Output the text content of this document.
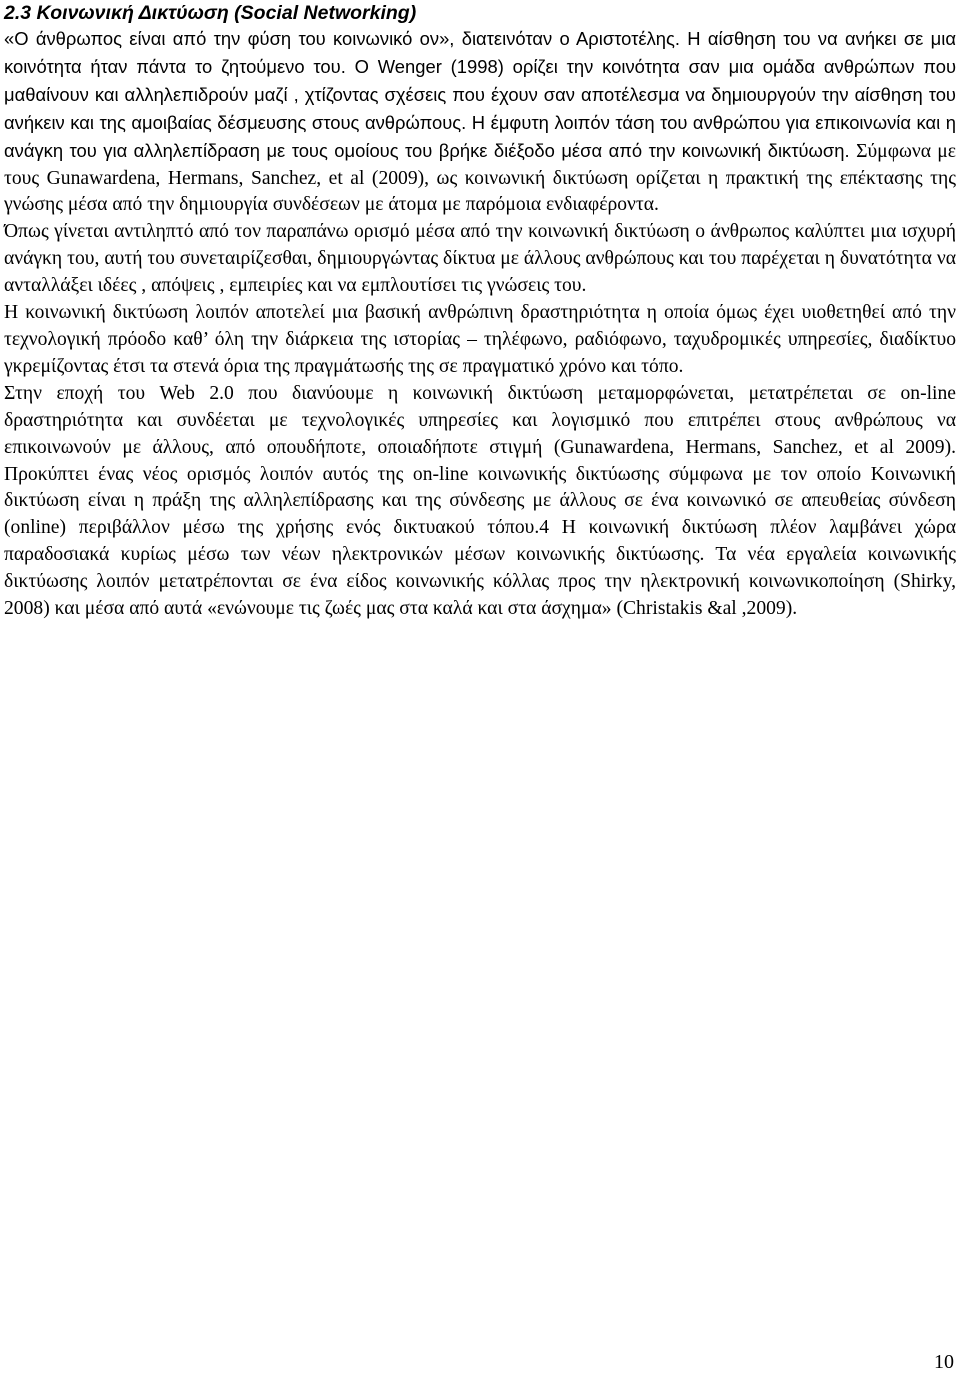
2.3 Κοινωνική Δικτύωση (Social Networking)

«Ο άνθρωπος είναι από την φύση του κοινωνικό ον», διατεινόταν ο Αριστοτέλης. Η αίσθηση του να ανήκει σε μια κοινότητα ήταν πάντα το ζητούμενο του. Ο Wenger (1998) ορίζει την κοινότητα σαν μια ομάδα ανθρώπων που μαθαίνουν και αλληλεπιδρούν μαζί , χτίζοντας σχέσεις που έχουν σαν αποτέλεσμα να δημιουργούν την αίσθηση του ανήκειν και της αμοιβαίας δέσμευσης στους ανθρώπους. Η έμφυτη λοιπόν τάση του ανθρώπου για επικοινωνία και η ανάγκη του για αλληλεπίδραση με τους ομοίους του βρήκε διέξοδο μέσα από την κοινωνική δικτύωση. Σύμφωνα με τους Gunawardena, Hermans, Sanchez, et al (2009), ως κοινωνική δικτύωση ορίζεται η πρακτική της επέκτασης της γνώσης μέσα από την δημιουργία συνδέσεων με άτομα με παρόμοια ενδιαφέροντα.

Όπως γίνεται αντιληπτό από τον παραπάνω ορισμό μέσα από την κοινωνική δικτύωση ο άνθρωπος καλύπτει μια ισχυρή ανάγκη του, αυτή του συνεταιρίζεσθαι, δημιουργώντας δίκτυα με άλλους ανθρώπους και του παρέχεται η δυνατότητα να ανταλλάξει ιδέες , απόψεις , εμπειρίες και να εμπλουτίσει τις γνώσεις του.

Η κοινωνική δικτύωση λοιπόν αποτελεί μια βασική ανθρώπινη δραστηριότητα η οποία όμως έχει υιοθετηθεί από την τεχνολογική πρόοδο καθ’ όλη την διάρκεια της ιστορίας – τηλέφωνο, ραδιόφωνο, ταχυδρομικές υπηρεσίες, διαδίκτυο γκρεμίζοντας έτσι τα στενά όρια της πραγμάτωσής της σε πραγματικό χρόνο και τόπο.

Στην εποχή του Web 2.0 που διανύουμε η κοινωνική δικτύωση μεταμορφώνεται, μετατρέπεται σε on-line δραστηριότητα και συνδέεται με τεχνολογικές υπηρεσίες και λογισμικό που επιτρέπει στους ανθρώπους να επικοινωνούν με άλλους, από οπουδήποτε, οποιαδήποτε στιγμή (Gunawardena, Hermans, Sanchez, et al 2009). Προκύπτει ένας νέος ορισμός λοιπόν αυτός της on-line κοινωνικής δικτύωσης σύμφωνα με τον οποίο Κοινωνική δικτύωση είναι η πράξη της αλληλεπίδρασης και της σύνδεσης με άλλους σε ένα κοινωνικό σε απευθείας σύνδεση (online) περιβάλλον μέσω της χρήσης ενός δικτυακού τόπου.4 Η κοινωνική δικτύωση πλέον λαμβάνει χώρα παραδοσιακά κυρίως μέσω των νέων ηλεκτρονικών μέσων κοινωνικής δικτύωσης. Τα νέα εργαλεία κοινωνικής δικτύωσης λοιπόν μετατρέπονται σε ένα είδος κοινωνικής κόλλας προς την ηλεκτρονική κοινωνικοποίηση (Shirky, 2008) και μέσα από αυτά «ενώνουμε τις ζωές μας στα καλά και στα άσχημα» (Christakis &al ,2009).

10
